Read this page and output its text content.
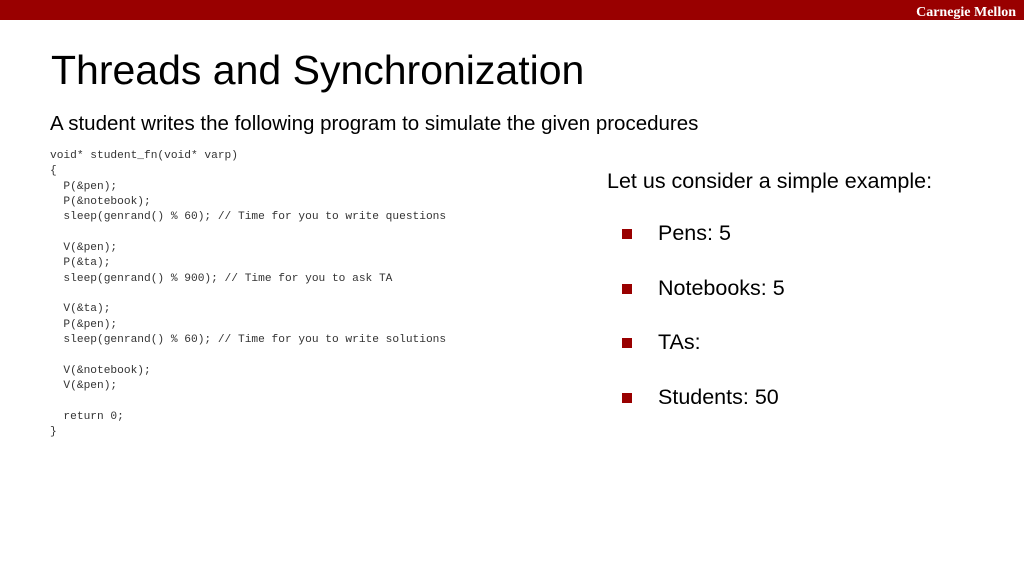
Carnegie Mellon
Threads and Synchronization
A student writes the following program to simulate the given procedures
void* student_fn(void* varp)
{
P(&pen);
P(&notebook);
sleep(genrand() % 60); // Time for you to write questions
V(&pen);
P(&ta);
sleep(genrand() % 900); // Time for you to ask TA
V(&ta);
P(&pen);
sleep(genrand() % 60); // Time for you to write solutions
V(&notebook);
V(&pen);
return 0;
}
Let us consider a simple example:
Pens: 5
Notebooks: 5
TAs:
Students: 50
